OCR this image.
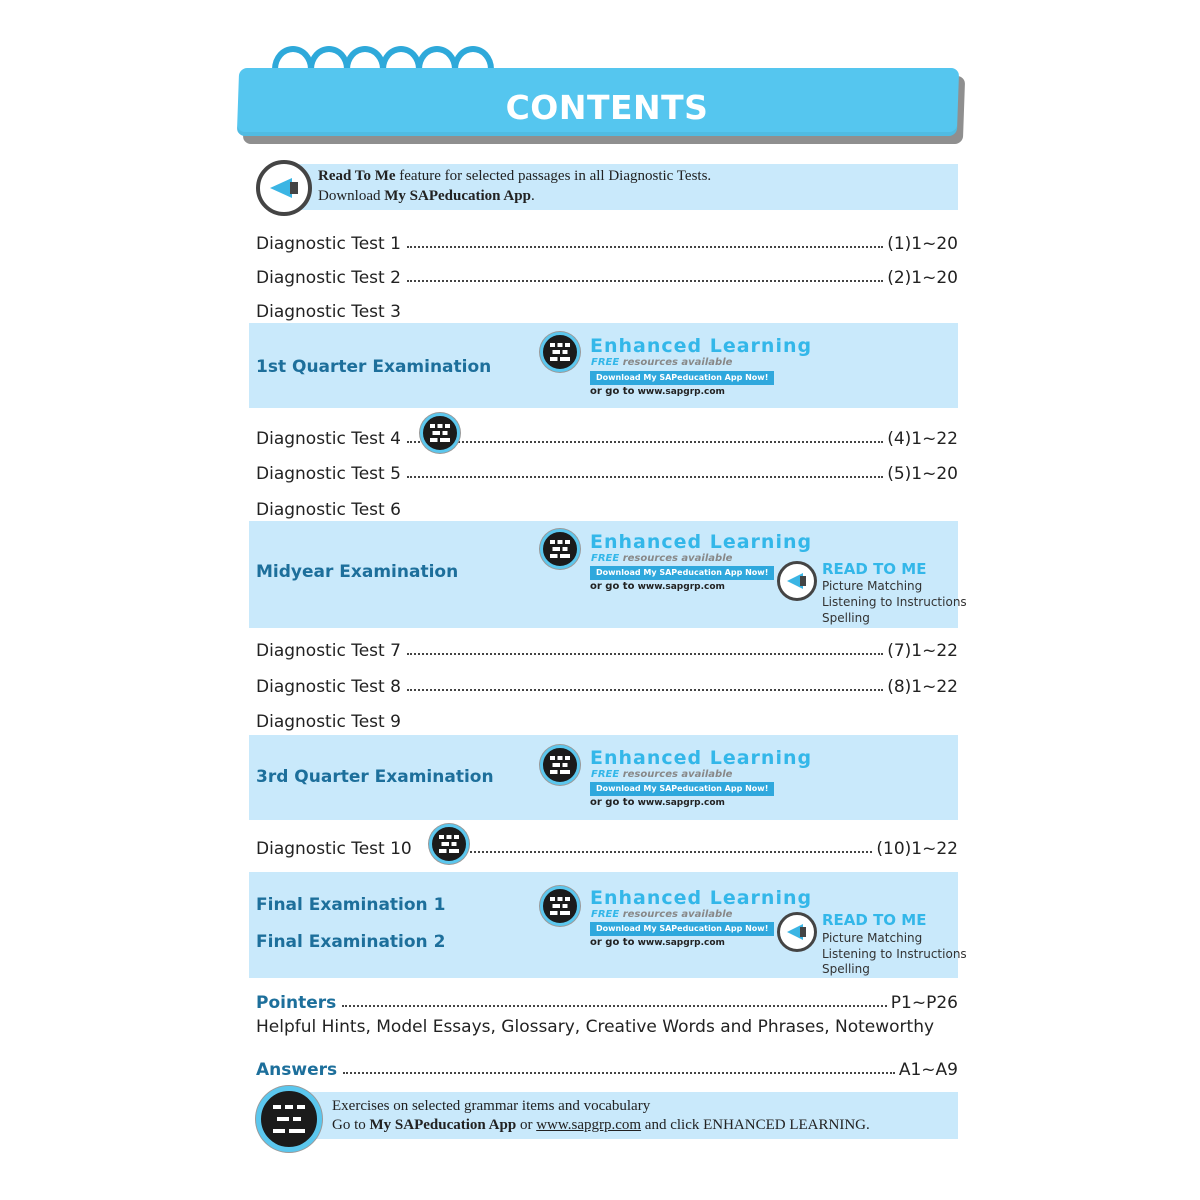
CONTENTS
Read To Me feature for selected passages in all Diagnostic Tests.
Download My SAPeducation App.
Diagnostic Test 1	(1)1~20
Diagnostic Test 2	(2)1~20
Diagnostic Test 3
1st Quarter Examination
Enhanced Learning
FREE resources available
Download My SAPeducation App Now!
or go to www.sapgrp.com
Diagnostic Test 4	(4)1~22
Diagnostic Test 5	(5)1~20
Diagnostic Test 6
Midyear Examination
Enhanced Learning
FREE resources available
Download My SAPeducation App Now!
or go to www.sapgrp.com
READ TO ME
Picture Matching
Listening to Instructions
Spelling
Diagnostic Test 7	(7)1~22
Diagnostic Test 8	(8)1~22
Diagnostic Test 9
3rd Quarter Examination
Enhanced Learning
FREE resources available
Download My SAPeducation App Now!
or go to www.sapgrp.com
Diagnostic Test 10	(10)1~22
Final Examination 1
Final Examination 2
Enhanced Learning
FREE resources available
Download My SAPeducation App Now!
or go to www.sapgrp.com
READ TO ME
Picture Matching
Listening to Instructions
Spelling
Pointers	P1~P26
Helpful Hints, Model Essays, Glossary, Creative Words and Phrases, Noteworthy
Answers	A1~A9
Exercises on selected grammar items and vocabulary
Go to My SAPeducation App or www.sapgrp.com and click ENHANCED LEARNING.
